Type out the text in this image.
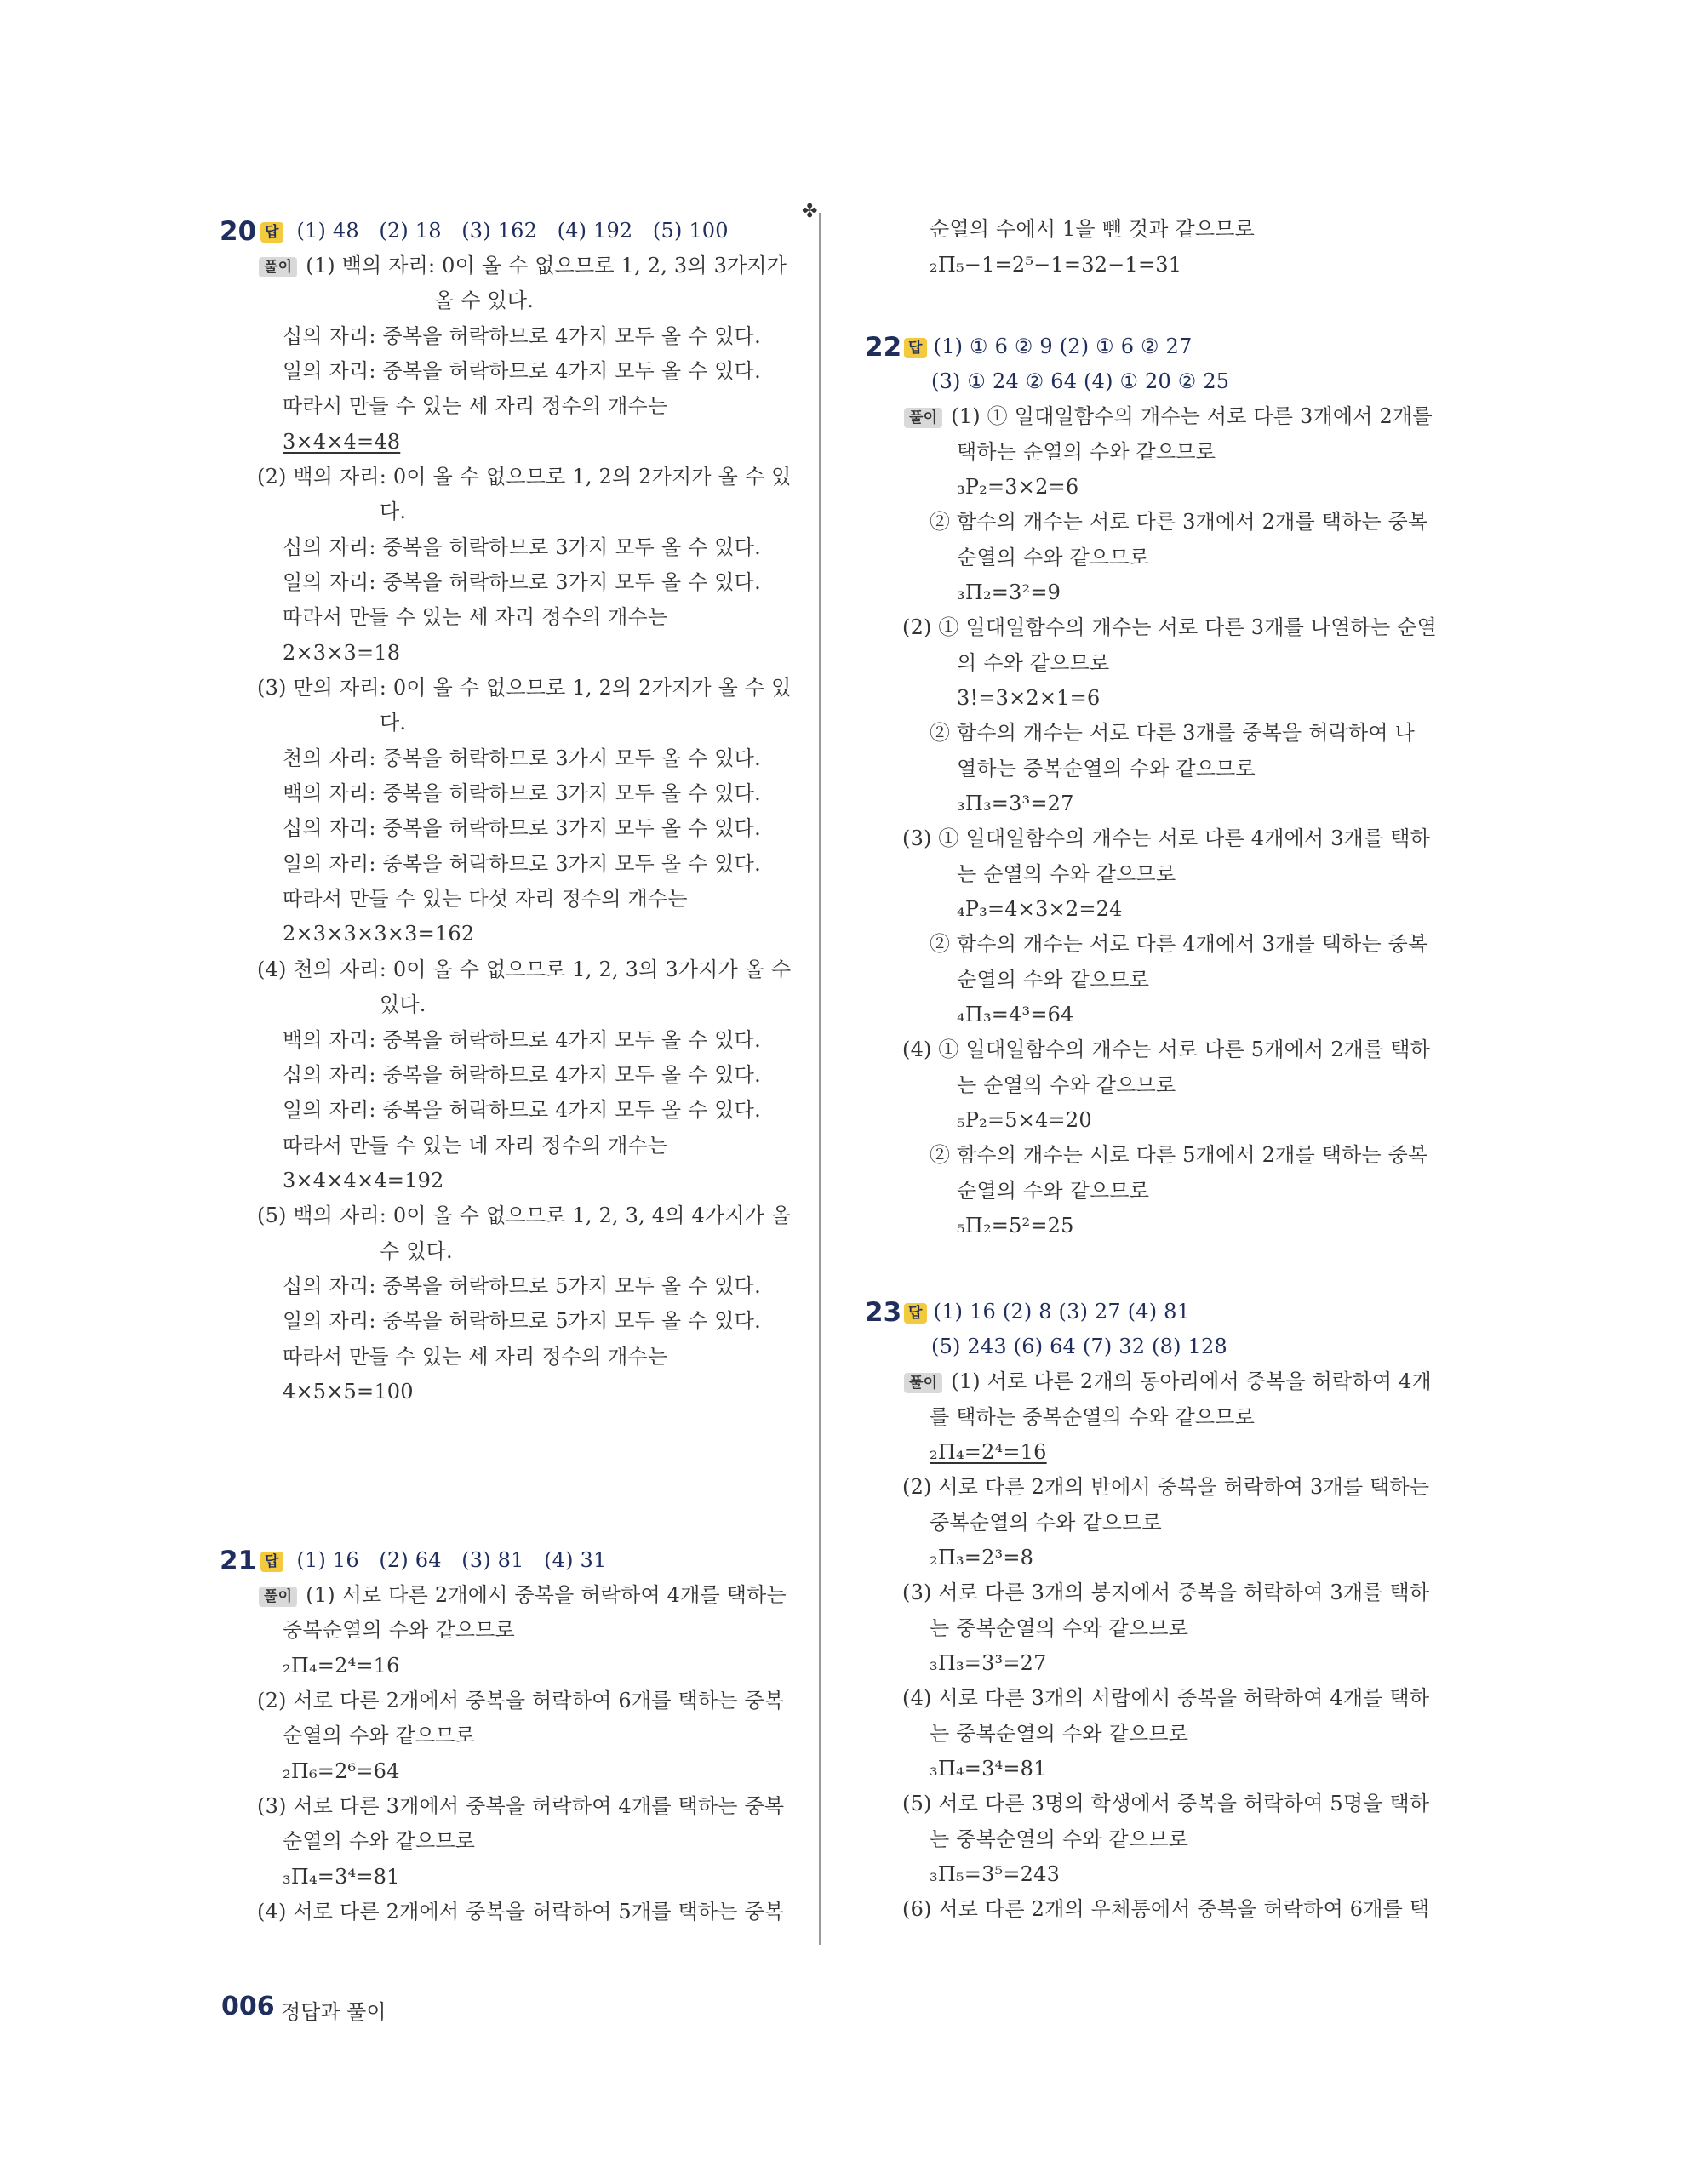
20 답 (1) 48 (2) 18 (3) 162 (4) 192 (5) 100
풀이 (1) 백의 자리: 0이 올 수 없으므로 1, 2, 3의 3가지가
올 수 있다.
십의 자리: 중복을 허락하므로 4가지 모두 올 수 있다.
일의 자리: 중복을 허락하므로 4가지 모두 올 수 있다.
따라서 만들 수 있는 세 자리 정수의 개수는
3×4×4=48
(2) 백의 자리: 0이 올 수 없으므로 1, 2의 2가지가 올 수 있
다.
십의 자리: 중복을 허락하므로 3가지 모두 올 수 있다.
일의 자리: 중복을 허락하므로 3가지 모두 올 수 있다.
따라서 만들 수 있는 세 자리 정수의 개수는
2×3×3=18
(3) 만의 자리: 0이 올 수 없으므로 1, 2의 2가지가 올 수 있
다.
천의 자리: 중복을 허락하므로 3가지 모두 올 수 있다.
백의 자리: 중복을 허락하므로 3가지 모두 올 수 있다.
십의 자리: 중복을 허락하므로 3가지 모두 올 수 있다.
일의 자리: 중복을 허락하므로 3가지 모두 올 수 있다.
따라서 만들 수 있는 다섯 자리 정수의 개수는
2×3×3×3×3=162
(4) 천의 자리: 0이 올 수 없으므로 1, 2, 3의 3가지가 올 수
있다.
백의 자리: 중복을 허락하므로 4가지 모두 올 수 있다.
십의 자리: 중복을 허락하므로 4가지 모두 올 수 있다.
일의 자리: 중복을 허락하므로 4가지 모두 올 수 있다.
따라서 만들 수 있는 네 자리 정수의 개수는
3×4×4×4=192
(5) 백의 자리: 0이 올 수 없으므로 1, 2, 3, 4의 4가지가 올
수 있다.
십의 자리: 중복을 허락하므로 5가지 모두 올 수 있다.
일의 자리: 중복을 허락하므로 5가지 모두 올 수 있다.
따라서 만들 수 있는 세 자리 정수의 개수는
4×5×5=100
21 답 (1) 16 (2) 64 (3) 81 (4) 31
풀이 (1) 서로 다른 2개에서 중복을 허락하여 4개를 택하는
중복순열의 수와 같으므로
₂Π₄=2⁴=16
(2) 서로 다른 2개에서 중복을 허락하여 6개를 택하는 중복
순열의 수와 같으므로
₂Π₆=2⁶=64
(3) 서로 다른 3개에서 중복을 허락하여 4개를 택하는 중복
순열의 수와 같으므로
₃Π₄=3⁴=81
(4) 서로 다른 2개에서 중복을 허락하여 5개를 택하는 중복
✤
순열의 수에서 1을 뺀 것과 같으므로
₂Π₅−1=2⁵−1=32−1=31
22 답 (1) ① 6 ② 9 (2) ① 6 ② 27
(3) ① 24 ② 64 (4) ① 20 ② 25
풀이 (1) ① 일대일함수의 개수는 서로 다른 3개에서 2개를
택하는 순열의 수와 같으므로
₃P₂=3×2=6
② 함수의 개수는 서로 다른 3개에서 2개를 택하는 중복
순열의 수와 같으므로
₃Π₂=3²=9
(2) ① 일대일함수의 개수는 서로 다른 3개를 나열하는 순열
의 수와 같으므로
3!=3×2×1=6
② 함수의 개수는 서로 다른 3개를 중복을 허락하여 나
열하는 중복순열의 수와 같으므로
₃Π₃=3³=27
(3) ① 일대일함수의 개수는 서로 다른 4개에서 3개를 택하
는 순열의 수와 같으므로
₄P₃=4×3×2=24
② 함수의 개수는 서로 다른 4개에서 3개를 택하는 중복
순열의 수와 같으므로
₄Π₃=4³=64
(4) ① 일대일함수의 개수는 서로 다른 5개에서 2개를 택하
는 순열의 수와 같으므로
₅P₂=5×4=20
② 함수의 개수는 서로 다른 5개에서 2개를 택하는 중복
순열의 수와 같으므로
₅Π₂=5²=25
23 답 (1) 16 (2) 8 (3) 27 (4) 81
(5) 243 (6) 64 (7) 32 (8) 128
풀이 (1) 서로 다른 2개의 동아리에서 중복을 허락하여 4개
를 택하는 중복순열의 수와 같으므로
₂Π₄=2⁴=16
(2) 서로 다른 2개의 반에서 중복을 허락하여 3개를 택하는
중복순열의 수와 같으므로
₂Π₃=2³=8
(3) 서로 다른 3개의 봉지에서 중복을 허락하여 3개를 택하
는 중복순열의 수와 같으므로
₃Π₃=3³=27
(4) 서로 다른 3개의 서랍에서 중복을 허락하여 4개를 택하
는 중복순열의 수와 같으므로
₃Π₄=3⁴=81
(5) 서로 다른 3명의 학생에서 중복을 허락하여 5명을 택하
는 중복순열의 수와 같으므로
₃Π₅=3⁵=243
(6) 서로 다른 2개의 우체통에서 중복을 허락하여 6개를 택
006 정답과 풀이
